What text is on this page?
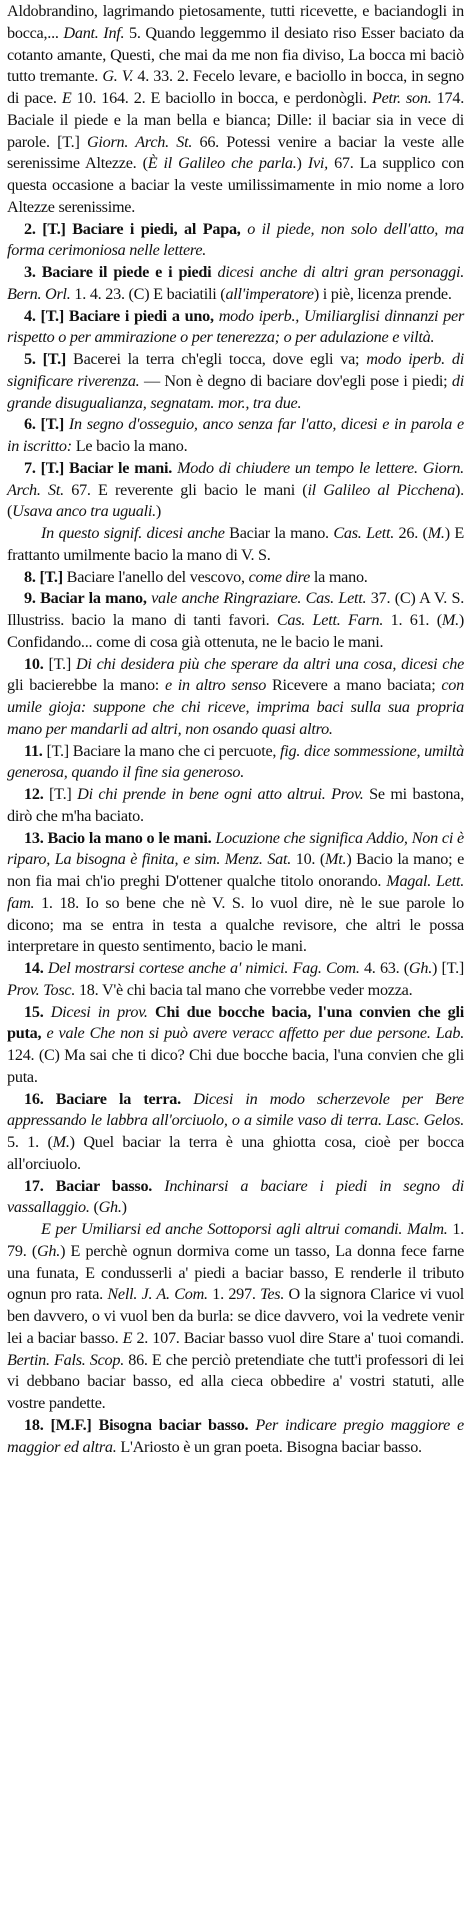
Aldobrandino, lagrimando pietosamente, tutti ricevette, e baciandogli in bocca,... Dant. Inf. 5. Quando leggemmo il desiato riso Esser baciato da cotanto amante, Questi, che mai da me non fia diviso, La bocca mi baciò tutto tremante. G. V. 4. 33. 2. Fecelo levare, e baciollo in bocca, in segno di pace. E 10. 164. 2. E baciollo in bocca, e perdonògli. Petr. son. 174. Baciale il piede e la man bella e bianca; Dille: il baciar sia in vece di parole. [T.] Giorn. Arch. St. 66. Potessi venire a baciar la veste alle serenissime Altezze. (È il Galileo che parla.) Ivi, 67. La supplico con questa occasione a baciar la veste umilissimamente in mio nome a loro Altezze serenissime.

2. [T.] Baciare i piedi, al Papa, o il piede, non solo dell'atto, ma forma cerimoniosa nelle lettere.

3. Baciare il piede e i piedi dicesi anche di altri gran personaggi. Bern. Orl. 1. 4. 23. (C) E baciatili (all'imperatore) i piè, licenza prende.

4. [T.] Baciare i piedi a uno, modo iperb., Umiliarglisi dinnanzi per rispetto o per ammirazione o per tenerezza; o per adulazione e viltà.

5. [T.] Bacerei la terra ch'egli tocca, dove egli va; modo iperb. di significare riverenza. — Non è degno di baciare dov'egli pose i piedi; di grande disugualianza, segnatam. mor., tra due.

6. [T.] In segno d'osseguio, anco senza far l'atto, dicesi e in parola e in iscritto: Le bacio la mano.

7. [T.] Baciar le mani. Modo di chiudere un tempo le lettere. Giorn. Arch. St. 67. E reverente gli bacio le mani (il Galileo al Picchena). (Usava anco tra uguali.)

In questo signif. dicesi anche Baciar la mano. Cas. Lett. 26. (M.) E frattanto umilmente bacio la mano di V. S.

8. [T.] Baciare l'anello del vescovo, come dire la mano.

9. Baciar la mano, vale anche Ringraziare. Cas. Lett. 37. (C) A V. S. Illustriss. bacio la mano di tanti favori. Cas. Lett. Farn. 1. 61. (M.) Confidando... come di cosa già ottenuta, ne le bacio le mani.

10. [T.] Di chi desidera più che sperare da altri una cosa, dicesi che gli bacierebbe la mano: e in altro senso Ricevere a mano baciata; con umile gioja: suppone che chi riceve, imprima baci sulla sua propria mano per mandarli ad altri, non osando quasi altro.

11. [T.] Baciare la mano che ci percuote, fig. dice sommessione, umiltà generosa, quando il fine sia generoso.

12. [T.] Di chi prende in bene ogni atto altrui. Prov. Se mi bastona, dirò che m'ha baciato.

13. Bacio la mano o le mani. Locuzione che significa Addio, Non ci è riparo, La bisogna è finita, e sim. Menz. Sat. 10. (Mt.) Bacio la mano; e non fia mai ch'io preghi D'ottener qualche titolo onorando. Magal. Lett. fam. 1. 18. Io so bene che nè V. S. lo vuol dire, nè le sue parole lo dicono; ma se entra in testa a qualche revisore, che altri le possa interpretare in questo sentimento, bacio le mani.

14. Del mostrarsi cortese anche a' nimici. Fag. Com. 4. 63. (Gh.) [T.] Prov. Tosc. 18. V'è chi bacia tal mano che vorrebbe veder mozza.

15. Dicesi in prov. Chi due bocche bacia, l'una convien che gli puta, e vale Che non si può avere veracc affetto per due persone. Lab. 124. (C) Ma sai che ti dico? Chi due bocche bacia, l'una convien che gli puta.

16. Baciare la terra. Dicesi in modo scherzevole per Bere appressando le labbra all'orciuolo, o a simile vaso di terra. Lasc. Gelos. 5. 1. (M.) Quel baciar la terra è una ghiotta cosa, cioè per bocca all'orciuolo.

17. Baciar basso. Inchinarsi a baciare i piedi in segno di vassallaggio. (Gh.)

E per Umiliarsi ed anche Sottoporsi agli altrui comandi. Malm. 1. 79. (Gh.) E perchè ognun dormiva come un tasso, La donna fece farne una funata, E condusserli a' piedi a baciar basso, E renderle il tributo ognun pro rata. Nell. J. A. Com. 1. 297. Tes. O la signora Clarice vi vuol ben davvero, o vi vuol ben da burla: se dice davvero, voi la vedrete venir lei a baciar basso. E 2. 107. Baciar basso vuol dire Stare a' tuoi comandi. Bertin. Fals. Scop. 86. E che perciò pretendiate che tutt'i professori di lei vi debbano baciar basso, ed alla cieca obbedire a' vostri statuti, alle vostre pandette.

18. [M.F.] Bisogna baciar basso. Per indicare pregio maggiore e maggior ed altra. L'Ariosto è un gran poeta. Bisogna baciar basso.
